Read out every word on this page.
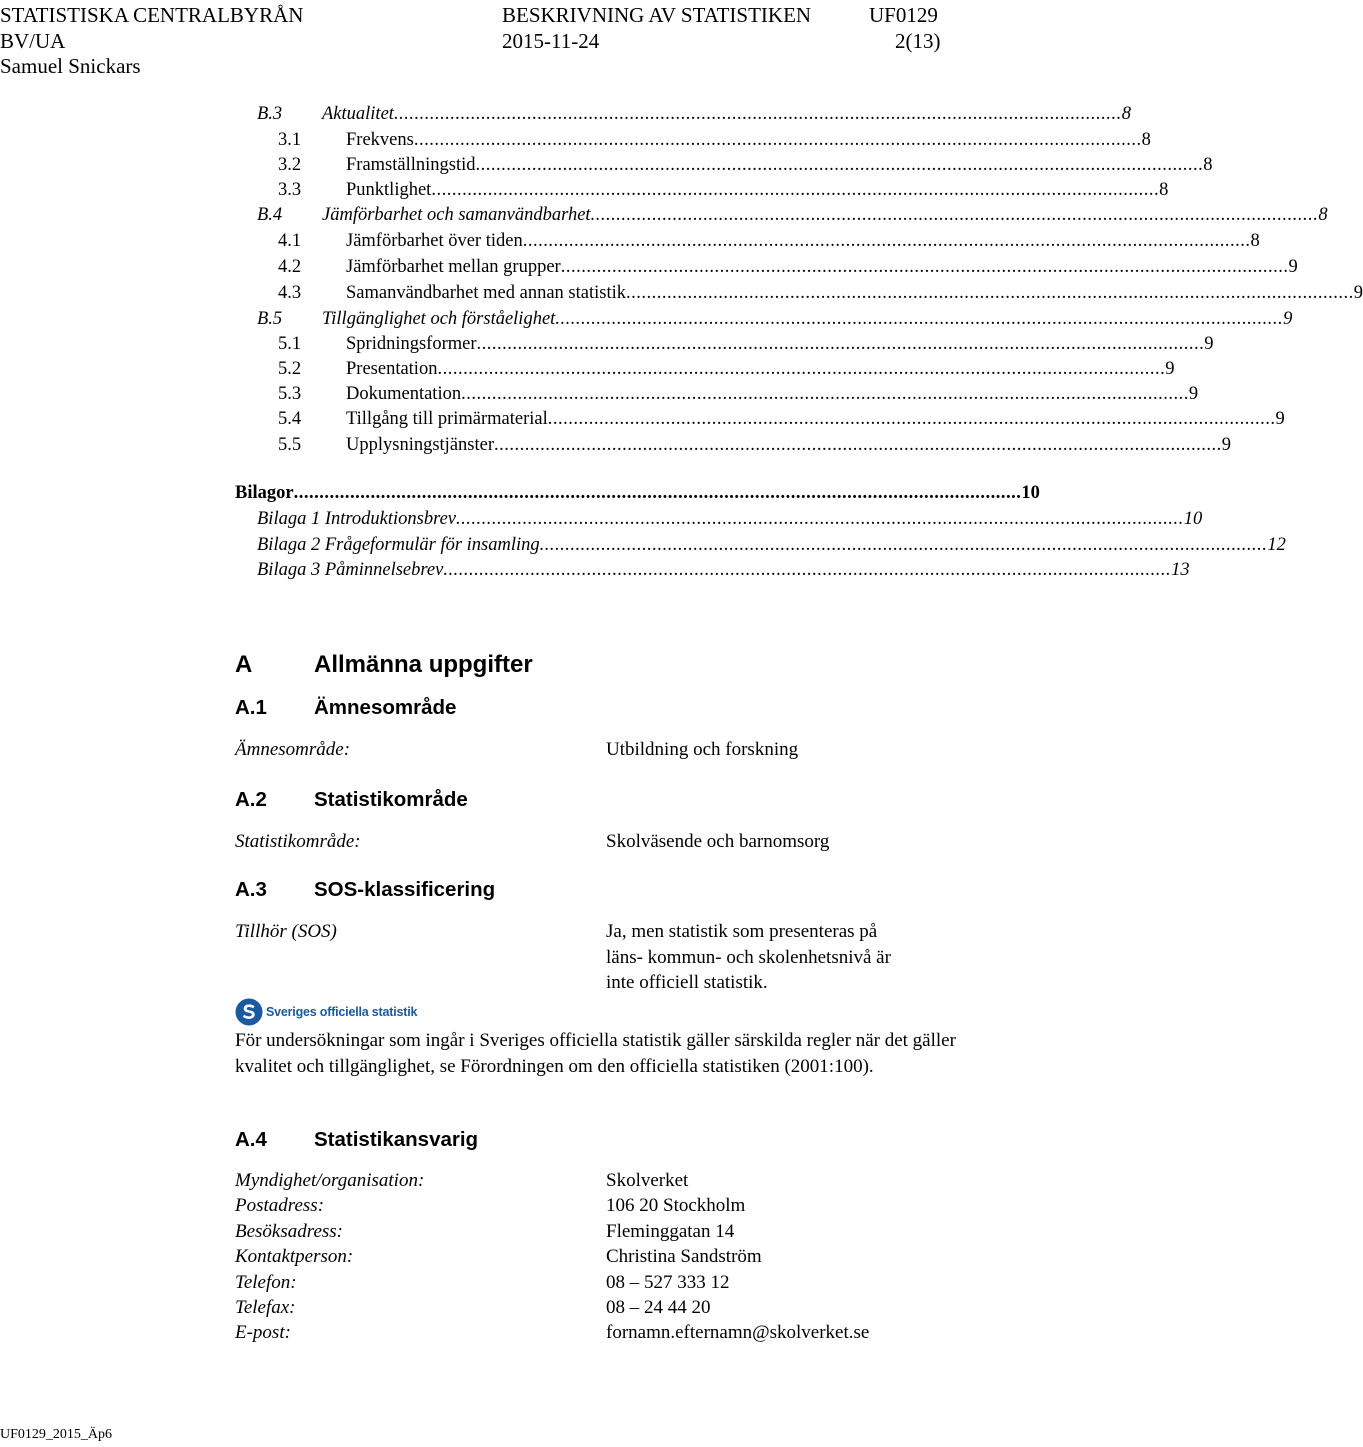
STATISTISKA CENTRALBYRÅN	BESKRIVNING AV STATISTIKEN	UF0129
BV/UA	2015-11-24	2(13)
Samuel Snickars
B.3 Aktualitet .............................................................................................................................................. 8
3.1 Frekvens .............................................................................................................................................. 8
3.2 Framställningstid .............................................................................................................................................. 8
3.3 Punktlighet .............................................................................................................................................. 8
B.4 Jämförbarhet och samanvändbarhet .............................................................................................................................................. 8
4.1 Jämförbarhet över tiden .............................................................................................................................................. 8
4.2 Jämförbarhet mellan grupper .............................................................................................................................................. 9
4.3 Samanvändbarhet med annan statistik .............................................................................................................................................. 9
B.5 Tillgänglighet och förståelighet .............................................................................................................................................. 9
5.1 Spridningsformer .............................................................................................................................................. 9
5.2 Presentation .............................................................................................................................................. 9
5.3 Dokumentation .............................................................................................................................................. 9
5.4 Tillgång till primärmaterial .............................................................................................................................................. 9
5.5 Upplysningstjänster .............................................................................................................................................. 9
Bilagor .............................................................................................................................................. 10
Bilaga 1 Introduktionsbrev .............................................................................................................................................. 10
Bilaga 2 Frågeformulär för insamling .............................................................................................................................................. 12
Bilaga 3 Påminnelsebrev .............................................................................................................................................. 13
A	Allmänna uppgifter
A.1 Ämnesområde
Ämnesområde:	Utbildning och forskning
A.2 Statistikområde
Statistikområde:	Skolväsende och barnomsorg
A.3 SOS-klassificering
Tillhör (SOS)	Ja, men statistik som presenteras på
läns- kommun- och skolenhetsnivå är
inte officiell statistik.
Sveriges officiella statistik
För undersökningar som ingår i Sveriges officiella statistik gäller särskilda regler när det gäller kvalitet och tillgänglighet, se Förordningen om den officiella statistiken (2001:100).
A.4 Statistikansvarig
Myndighet/organisation:	Skolverket
Postadress:	106 20 Stockholm
Besöksadress:	Fleminggatan 14
Kontaktperson:	Christina Sandström
Telefon:	08 – 527 333 12
Telefax:	08 – 24 44 20
E-post:	fornamn.efternamn@skolverket.se
UF0129_2015_Äp6
